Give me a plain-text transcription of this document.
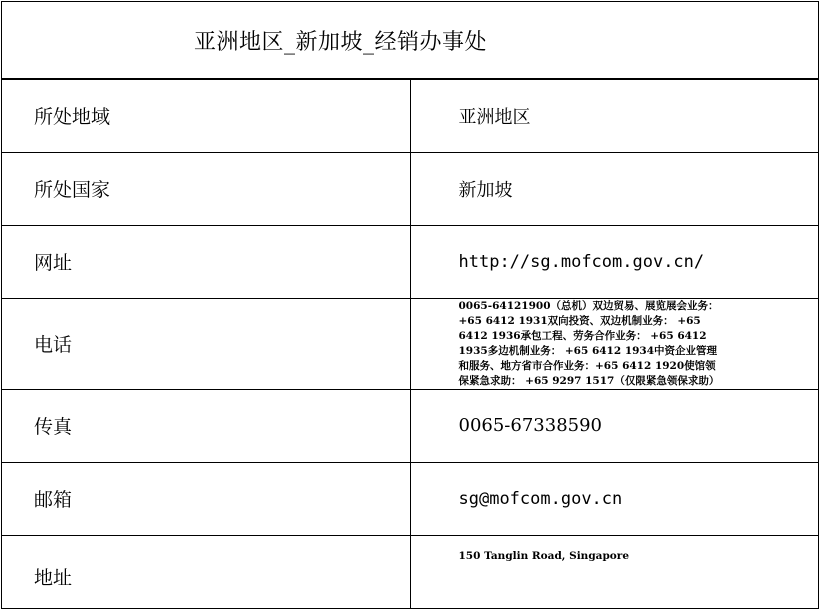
亚洲地区_新加坡_经销办事处	
所处地域	亚洲地区
所处国家	新加坡
网址	http://sg.mofcom.gov.cn/
电话	0065-64121900（总机）双边贸易、展览展会业务： +65 6412 1931双向投资、双边机制业务： +65 6412 1936承包工程、劳务合作业务： +65 6412 1935多边机制业务： +65 6412 1934中资企业管理和服务、地方省市合作业务：+65 6412 1920使馆领保紧急求助： +65 9297 1517（仅限紧急领保求助）
传真	0065-67338590
邮箱	sg@mofcom.gov.cn
地址	150 Tanglin Road, Singapore
